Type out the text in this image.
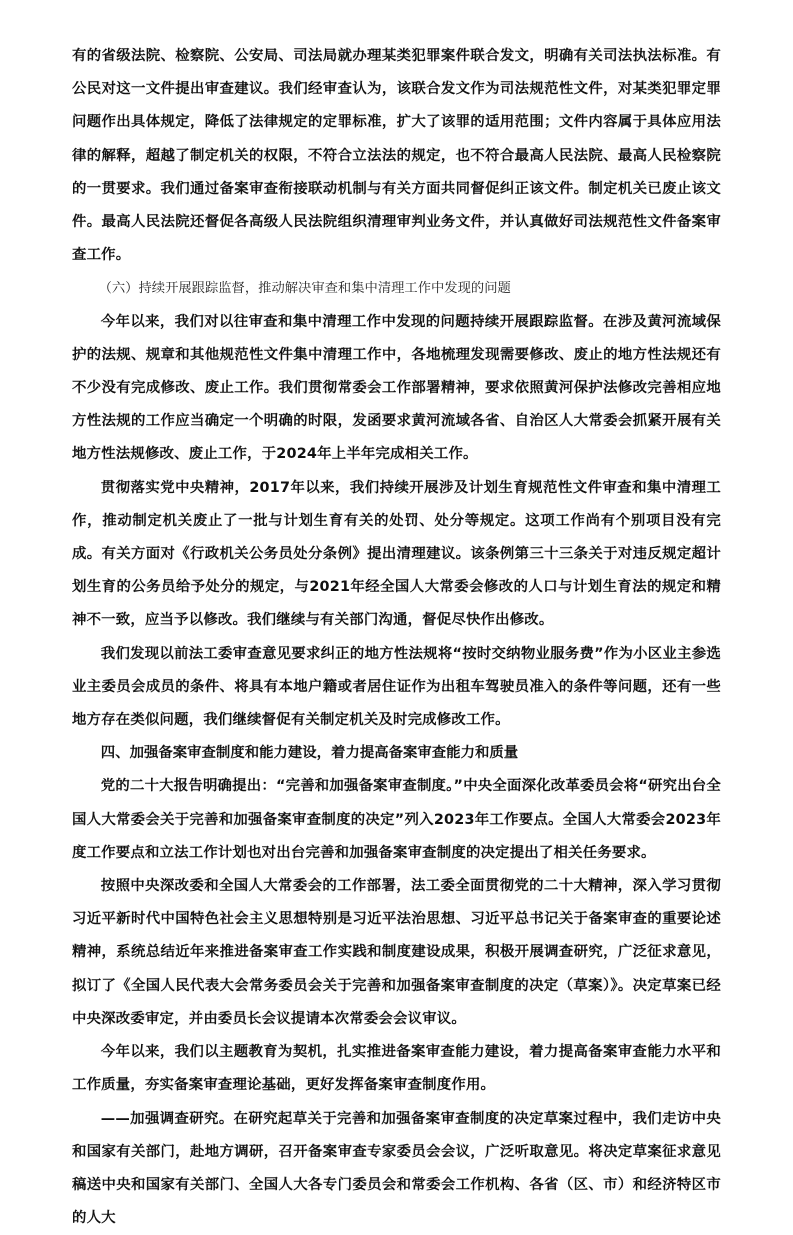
有的省级法院、检察院、公安局、司法局就办理某类犯罪案件联合发文，明确有关司法执法标准。有公民对这一文件提出审查建议。我们经审查认为，该联合发文作为司法规范性文件，对某类犯罪定罪问题作出具体规定，降低了法律规定的定罪标准，扩大了该罪的适用范围；文件内容属于具体应用法律的解释，超越了制定机关的权限，不符合立法法的规定，也不符合最高人民法院、最高人民检察院的一贯要求。我们通过备案审查衔接联动机制与有关方面共同督促纠正该文件。制定机关已废止该文件。最高人民法院还督促各高级人民法院组织清理审判业务文件，并认真做好司法规范性文件备案审查工作。

（六）持续开展跟踪监督，推动解决审查和集中清理工作中发现的问题

今年以来，我们对以往审查和集中清理工作中发现的问题持续开展跟踪监督。在涉及黄河流域保护的法规、规章和其他规范性文件集中清理工作中，各地梳理发现需要修改、废止的地方性法规还有不少没有完成修改、废止工作。我们贯彻常委会工作部署精神，要求依照黄河保护法修改完善相应地方性法规的工作应当确定一个明确的时限，发函要求黄河流域各省、自治区人大常委会抓紧开展有关地方性法规修改、废止工作，于2024年上半年完成相关工作。

贯彻落实党中央精神，2017年以来，我们持续开展涉及计划生育规范性文件审查和集中清理工作，推动制定机关废止了一批与计划生育有关的处罚、处分等规定。这项工作尚有个别项目没有完成。有关方面对《行政机关公务员处分条例》提出清理建议。该条例第三十三条关于对违反规定超计划生育的公务员给予处分的规定，与2021年经全国人大常委会修改的人口与计划生育法的规定和精神不一致，应当予以修改。我们继续与有关部门沟通，督促尽快作出修改。

我们发现以前法工委审查意见要求纠正的地方性法规将“按时交纳物业服务费”作为小区业主参选业主委员会成员的条件、将具有本地户籍或者居住证作为出租车驾驶员准入的条件等问题，还有一些地方存在类似问题，我们继续督促有关制定机关及时完成修改工作。

四、加强备案审查制度和能力建设，着力提高备案审查能力和质量

党的二十大报告明确提出：“完善和加强备案审查制度。”中央全面深化改革委员会将“研究出台全国人大常委会关于完善和加强备案审查制度的决定”列入2023年工作要点。全国人大常委会2023年度工作要点和立法工作计划也对出台完善和加强备案审查制度的决定提出了相关任务要求。

按照中央深改委和全国人大常委会的工作部署，法工委全面贯彻党的二十大精神，深入学习贯彻习近平新时代中国特色社会主义思想特别是习近平法治思想、习近平总书记关于备案审查的重要论述精神，系统总结近年来推进备案审查工作实践和制度建设成果，积极开展调查研究，广泛征求意见，拟订了《全国人民代表大会常务委员会关于完善和加强备案审查制度的决定（草案）》。决定草案已经中央深改委审定，并由委员长会议提请本次常委会会议审议。

今年以来，我们以主题教育为契机，扎实推进备案审查能力建设，着力提高备案审查能力水平和工作质量，夯实备案审查理论基础，更好发挥备案审查制度作用。

——加强调查研究。在研究起草关于完善和加强备案审查制度的决定草案过程中，我们走访中央和国家有关部门，赴地方调研，召开备案审查专家委员会会议，广泛听取意见。将决定草案征求意见稿送中央和国家有关部门、全国人大各专门委员会和常委会工作机构、各省（区、市）和经济特区市的人大
